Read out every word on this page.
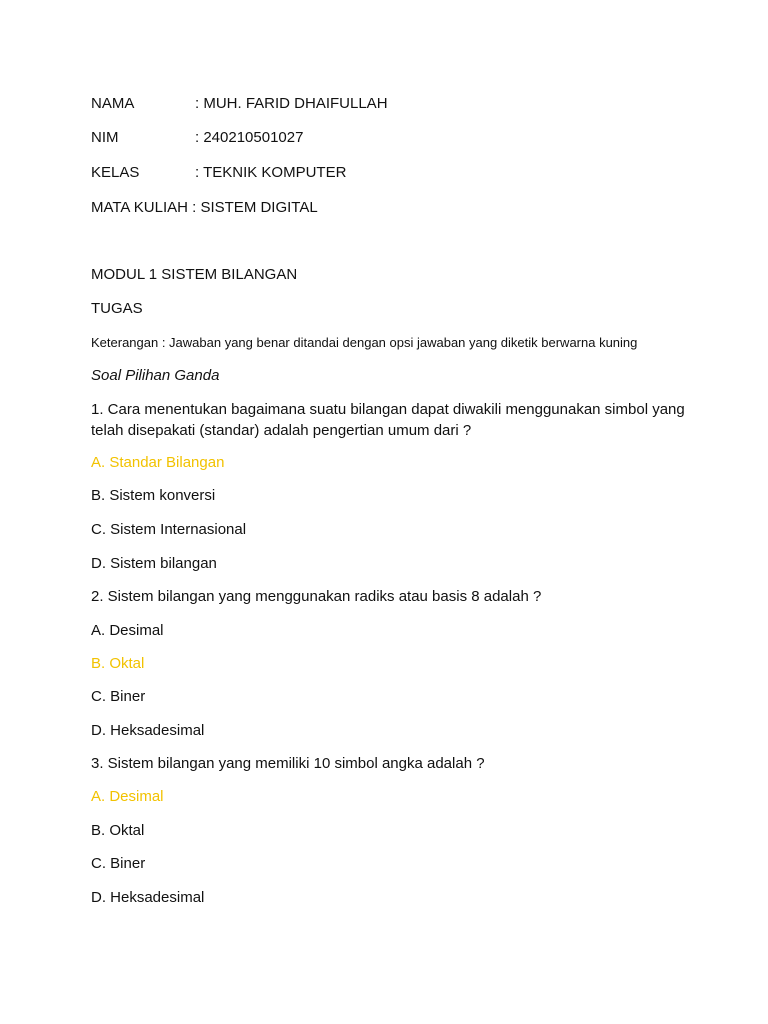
NAMA	: MUH. FARID DHAIFULLAH
NIM	: 240210501027
KELAS	: TEKNIK KOMPUTER
MATA KULIAH : SISTEM DIGITAL
MODUL 1 SISTEM BILANGAN
TUGAS
Keterangan : Jawaban yang benar ditandai dengan opsi jawaban yang diketik berwarna kuning
Soal Pilihan Ganda
1. Cara menentukan bagaimana suatu bilangan dapat diwakili menggunakan simbol yang telah disepakati (standar) adalah pengertian umum dari ?
A. Standar Bilangan
B. Sistem konversi
C. Sistem Internasional
D. Sistem bilangan
2. Sistem bilangan yang menggunakan radiks atau basis 8 adalah ?
A. Desimal
B. Oktal
C. Biner
D. Heksadesimal
3. Sistem bilangan yang memiliki 10 simbol angka adalah ?
A. Desimal
B. Oktal
C. Biner
D. Heksadesimal
